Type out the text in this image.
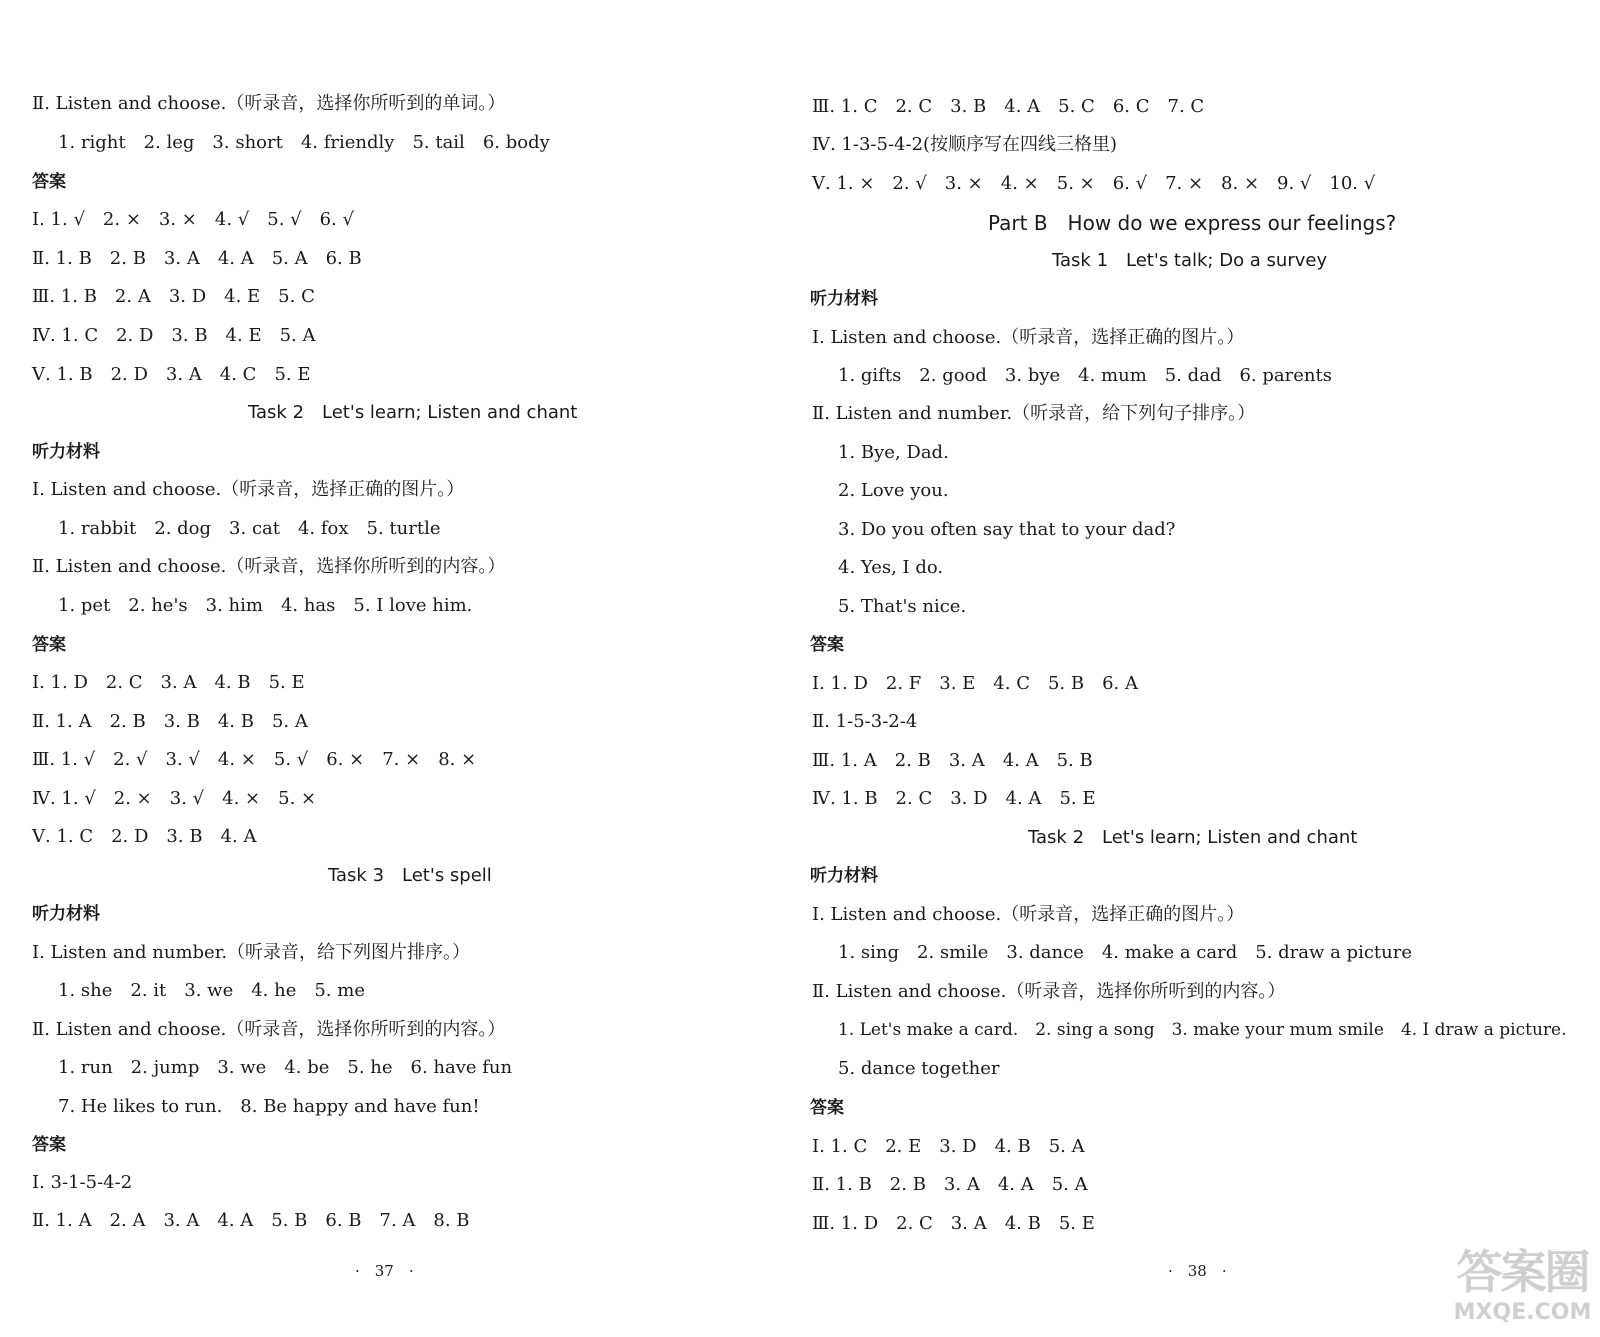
Ⅱ. Listen and choose.（听录音，选择你所听到的单词。）
1. right　2. leg　3. short　4. friendly　5. tail　6. body
答案
Ⅰ. 1. √　2. ×　3. ×　4. √　5. √　6. √
Ⅱ. 1. B　2. B　3. A　4. A　5. A　6. B
Ⅲ. 1. B　2. A　3. D　4. E　5. C
Ⅳ. 1. C　2. D　3. B　4. E　5. A
Ⅴ. 1. B　2. D　3. A　4. C　5. E
Task 2　Let's learn; Listen and chant
听力材料
Ⅰ. Listen and choose.（听录音，选择正确的图片。）
1. rabbit　2. dog　3. cat　4. fox　5. turtle
Ⅱ. Listen and choose.（听录音，选择你所听到的内容。）
1. pet　2. he's　3. him　4. has　5. I love him.
答案
Ⅰ. 1. D　2. C　3. A　4. B　5. E
Ⅱ. 1. A　2. B　3. B　4. B　5. A
Ⅲ. 1. √　2. √　3. √　4. ×　5. √　6. ×　7. ×　8. ×
Ⅳ. 1. √　2. ×　3. √　4. ×　5. ×
Ⅴ. 1. C　2. D　3. B　4. A
Task 3　Let's spell
听力材料
Ⅰ. Listen and number.（听录音，给下列图片排序。）
1. she　2. it　3. we　4. he　5. me
Ⅱ. Listen and choose.（听录音，选择你所听到的内容。）
1. run　2. jump　3. we　4. be　5. he　6. have fun
7. He likes to run.　8. Be happy and have fun!
答案
Ⅰ. 3-1-5-4-2
Ⅱ. 1. A　2. A　3. A　4. A　5. B　6. B　7. A　8. B
·　37　·
Ⅲ. 1. C　2. C　3. B　4. A　5. C　6. C　7. C
Ⅳ. 1-3-5-4-2(按顺序写在四线三格里)
Ⅴ. 1. ×　2. √　3. ×　4. ×　5. ×　6. √　7. ×　8. ×　9. √　10. √
Part B　How do we express our feelings?
Task 1　Let's talk; Do a survey
听力材料
Ⅰ. Listen and choose.（听录音，选择正确的图片。）
1. gifts　2. good　3. bye　4. mum　5. dad　6. parents
Ⅱ. Listen and number.（听录音，给下列句子排序。）
1. Bye, Dad.
2. Love you.
3. Do you often say that to your dad?
4. Yes, I do.
5. That's nice.
答案
Ⅰ. 1. D　2. F　3. E　4. C　5. B　6. A
Ⅱ. 1-5-3-2-4
Ⅲ. 1. A　2. B　3. A　4. A　5. B
Ⅳ. 1. B　2. C　3. D　4. A　5. E
Task 2　Let's learn; Listen and chant
听力材料
Ⅰ. Listen and choose.（听录音，选择正确的图片。）
1. sing　2. smile　3. dance　4. make a card　5. draw a picture
Ⅱ. Listen and choose.（听录音，选择你所听到的内容。）
1. Let's make a card.　2. sing a song　3. make your mum smile　4. I draw a picture.
5. dance together
答案
Ⅰ. 1. C　2. E　3. D　4. B　5. A
Ⅱ. 1. B　2. B　3. A　4. A　5. A
Ⅲ. 1. D　2. C　3. A　4. B　5. E
·　38　·	答案圈
MXQE.COM
